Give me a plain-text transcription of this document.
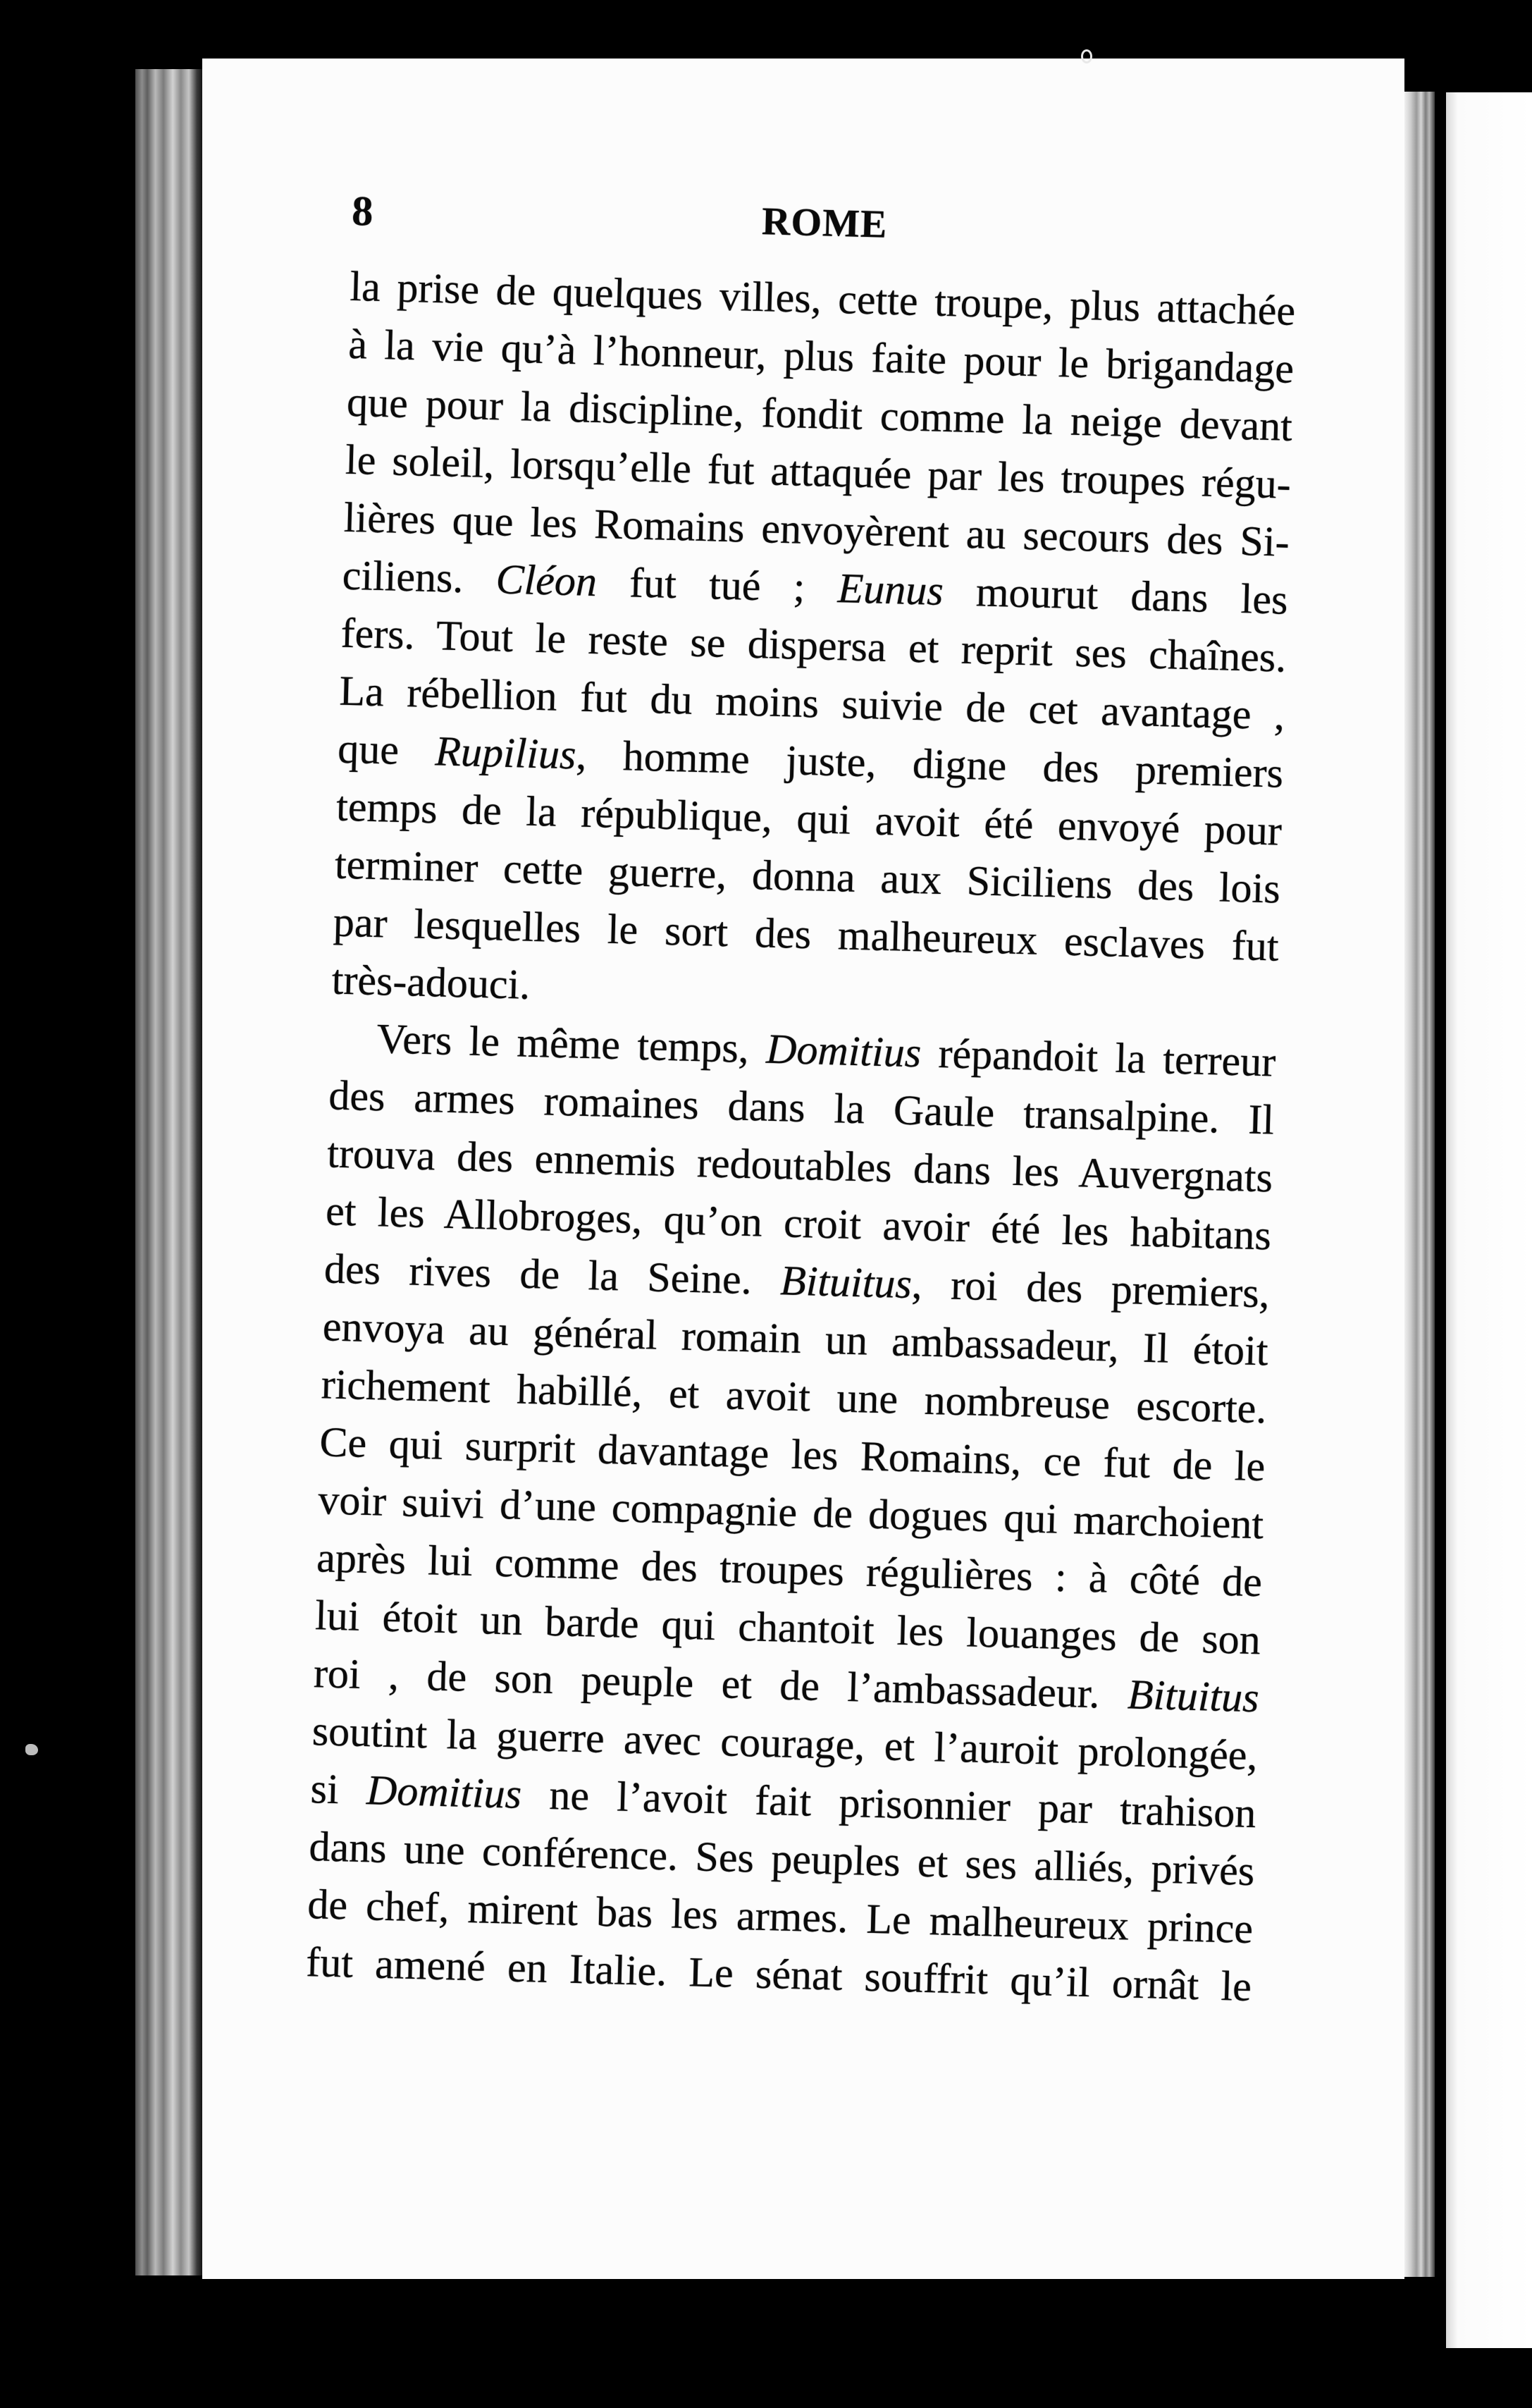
8	ROME
la prise de quelques villes, cette troupe, plus attachée
à la vie qu’à l’honneur, plus faite pour le brigandage
que pour la discipline, fondit comme la neige devant
le soleil, lorsqu’elle fut attaquée par les troupes régu-
lières que les Romains envoyèrent au secours des Si-
ciliens. Cléon fut tué ; Eunus mourut dans les
fers. Tout le reste se dispersa et reprit ses chaînes.
La rébellion fut du moins suivie de cet avantage ,
que Rupilius, homme juste, digne des premiers
temps de la république, qui avoit été envoyé pour
terminer cette guerre, donna aux Siciliens des lois
par lesquelles le sort des malheureux esclaves fut
très-adouci.
Vers le même temps, Domitius répandoit la terreur
des armes romaines dans la Gaule transalpine. Il
trouva des ennemis redoutables dans les Auvergnats
et les Allobroges, qu’on croit avoir été les habitans
des rives de la Seine. Bituitus, roi des premiers,
envoya au général romain un ambassadeur, Il étoit
richement habillé, et avoit une nombreuse escorte.
Ce qui surprit davantage les Romains, ce fut de le
voir suivi d’une compagnie de dogues qui marchoient
après lui comme des troupes régulières : à côté de
lui étoit un barde qui chantoit les louanges de son
roi , de son peuple et de l’ambassadeur. Bituitus
soutint la guerre avec courage, et l’auroit prolongée,
si Domitius ne l’avoit fait prisonnier par trahison
dans une conférence. Ses peuples et ses alliés, privés
de chef, mirent bas les armes. Le malheureux prince
fut amené en Italie. Le sénat souffrit qu’il ornât le
